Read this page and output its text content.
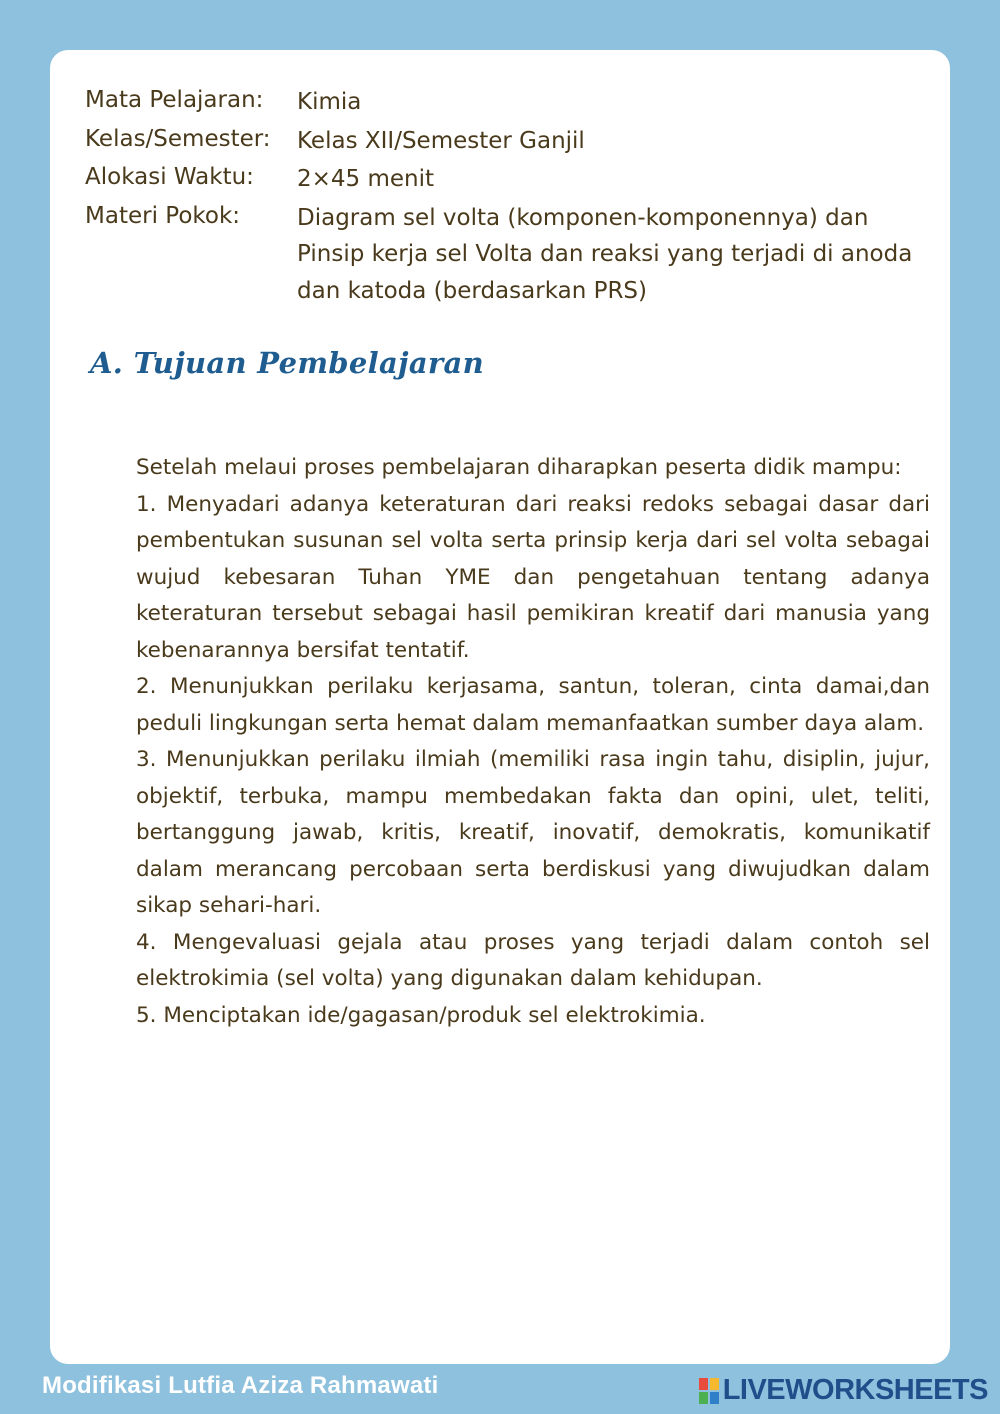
Mata Pelajaran:	Kimia
Kelas/Semester:	Kelas XII/Semester Ganjil
Alokasi Waktu:	2×45 menit
Materi Pokok:	Diagram sel volta (komponen-komponennya) dan Pinsip kerja sel Volta dan reaksi yang terjadi di anoda dan katoda (berdasarkan PRS)
A. Tujuan Pembelajaran

Setelah melaui proses pembelajaran diharapkan peserta didik mampu:

1. Menyadari adanya keteraturan dari reaksi redoks sebagai dasar dari pembentukan susunan sel volta serta prinsip kerja dari sel volta sebagai wujud kebesaran Tuhan YME dan pengetahuan tentang adanya keteraturan tersebut sebagai hasil pemikiran kreatif dari manusia yang kebenarannya bersifat tentatif.

2. Menunjukkan perilaku kerjasama, santun, toleran, cinta damai,dan peduli lingkungan serta hemat dalam memanfaatkan sumber daya alam.

3. Menunjukkan perilaku ilmiah (memiliki rasa ingin tahu, disiplin, jujur, objektif, terbuka, mampu membedakan fakta dan opini, ulet, teliti, bertanggung jawab, kritis, kreatif, inovatif, demokratis, komunikatif dalam merancang percobaan serta berdiskusi yang diwujudkan dalam sikap sehari-hari.

4. Mengevaluasi gejala atau proses yang terjadi dalam contoh sel elektrokimia (sel volta) yang digunakan dalam kehidupan.

5. Menciptakan ide/gagasan/produk sel elektrokimia.

Modifikasi Lutfia Aziza Rahmawati	LIVEWORKSHEETS
